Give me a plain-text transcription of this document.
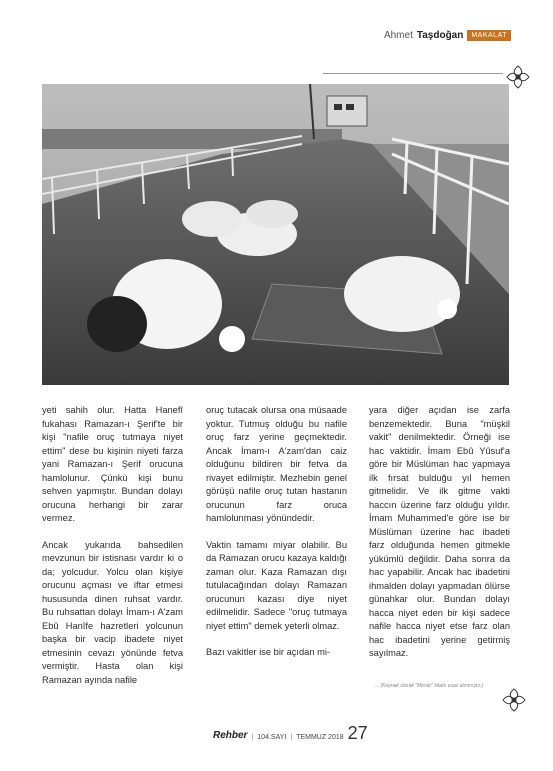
Ahmet Taşdoğan	MAKALAT

yeti sahih olur. Hatta Hanefî fukahası Ramazan-ı Şerif'te bir kişi "nafile oruç tutmaya niyet ettim" dese bu kişinin niyeti farza yani Ramazan-ı Şerif orucuna hamlolunur. Çünkü kişi bunu sehven yapmıştır. Bundan dolayı orucuna herhangi bir zarar vermez.

Ancak yukarıda bahsedilen mevzunun bir istisnası vardır ki o da; yolcudur. Yolcu olan kişiye orucunu açması ve iftar etmesi hususunda dinen ruhsat vardır. Bu ruhsattan dolayı İmam-ı A'zam Ebû Hanîfe hazretleri yolcunun başka bir vacip ibadete niyet etmesinin cevazı yönünde fetva vermiştir. Hasta olan kişi Ramazan ayında nafile

oruç tutacak olursa ona müsaade yoktur. Tutmuş olduğu bu nafile oruç farz yerine geçmektedir. Ancak İmam-ı A'zam'dan caiz olduğunu bildiren bir fetva da rivayet edilmiştir. Mezhebin genel görüşü nafile oruç tutan hastanın orucunun farz oruca hamlolunması yönündedir.

Vaktin tamamı miyar olabilir. Bu da Ramazan orucu kazaya kaldığı zaman olur. Kaza Ramazan dışı tutulacağından dolayı Ramazan orucunun kazası diye niyet edilmelidir. Sadece "oruç tutmaya niyet ettim" demek yeterli olmaz.

Bazı vakitler ise bir açıdan mi-

yara diğer açıdan ise zarfa benzemektedir. Buna "müşkil vakit" denilmektedir. Örneği ise hac vaktidir. İmam Ebû Yûsuf'a göre bir Müslüman hac yapmaya ilk fırsat bulduğu yıl hemen gitmelidir. Ve ilk gitme vakti haccın üzerine farz olduğu yıldır. İmam Muhammed'e göre ise bir Müslüman üzerine hac ibadeti farz olduğunda hemen gitmekle yükümlü değildir. Daha sonra da hac yapabilir. Ancak hac ibadetini ihmalden dolayı yapmadan ölürse günahkar olur. Bundan dolayı hacca niyet eden bir kişi sadece nafile hacca niyet etse farz olan hac ibadetini yerine getirmiş sayılmaz.

... (Kaynak olarak "Menâr" kitabı esas alınmıştır.)
Rehber | 104.SAYI | TEMMUZ 2018 27
